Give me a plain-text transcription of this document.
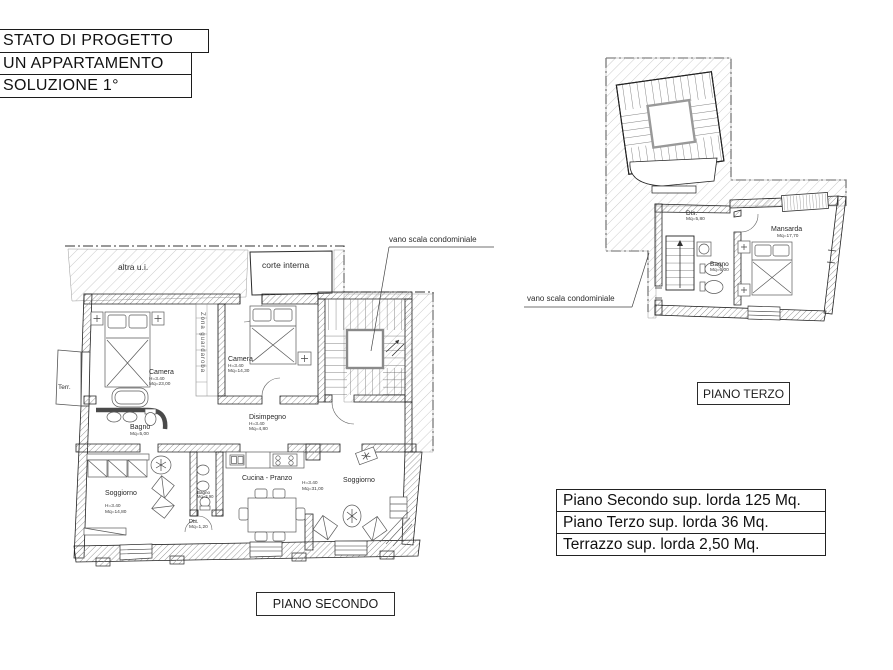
STATO DI PROGETTO
UN APPARTAMENTO
SOLUZIONE 1°
altra u.i.	corte interna
vano scala condominiale
Terr.
Zona guardaroba
Camera
H=3.40
Mq=23,00
Camera
H=3.40
Mq=14,30
Bagno
Mq=5,00
Disimpegno
H=3.40
Mq=4,80
Soggiorno
H=3.40
Mq=14,80
Bagno
Mq=3,90
Dis.
Mq=1,20
Cucina - Pranzo
H=3.40
Mq=31,00
Soggiorno
vano scala condominiale
Dis.
Mq=5,80
Bagno
Mq=6,00
Mansarda
Mq=17,70
PIANO SECONDO
PIANO TERZO
Piano Secondo sup. lorda 125 Mq.
Piano Terzo sup. lorda 36 Mq.
Terrazzo sup. lorda 2,50 Mq.
